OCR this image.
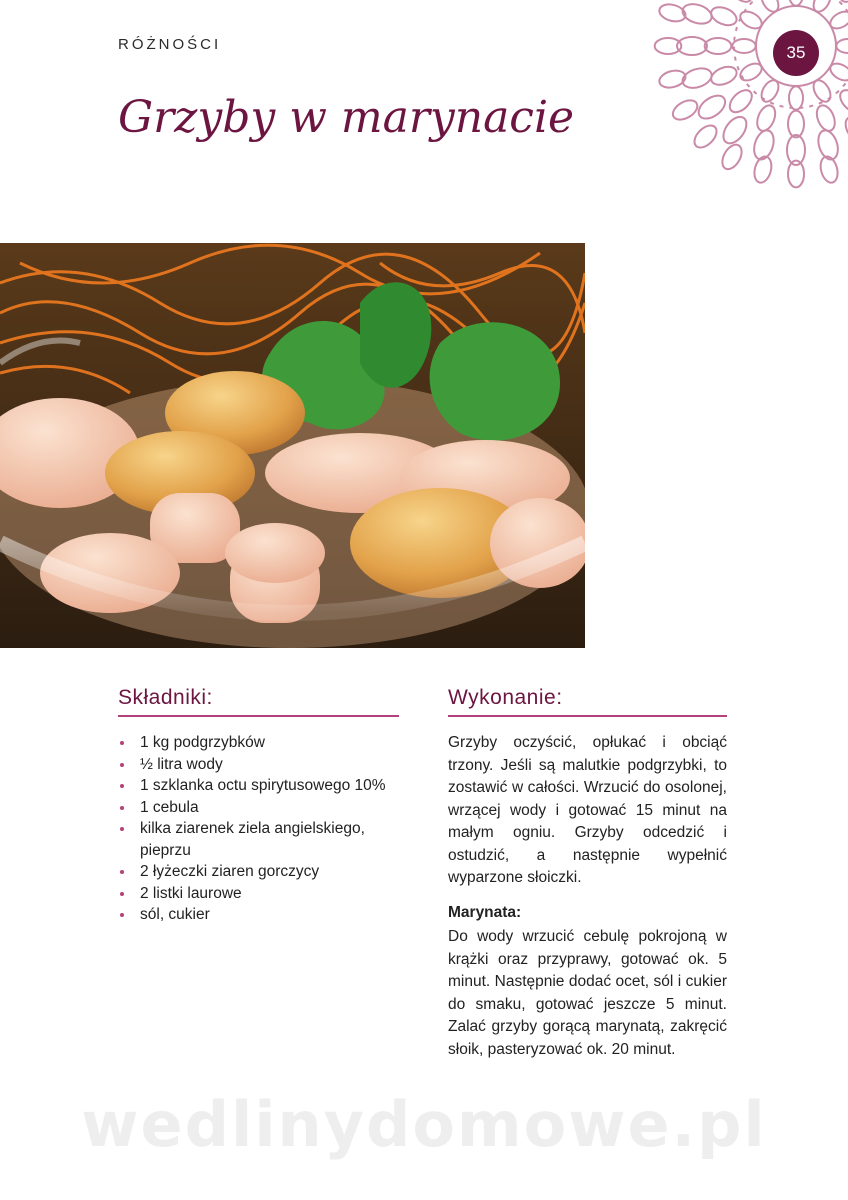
RÓŻNOŚCI
Grzyby w marynacie
35
Składniki:
1 kg podgrzybków
½ litra wody
1 szklanka octu spirytusowego 10%
1 cebula
kilka ziarenek ziela angielskiego, pieprzu
2 łyżeczki ziaren gorczycy
2 listki laurowe
sól, cukier
Wykonanie:

Grzyby oczyścić, opłukać i obciąć trzony. Jeśli są malutkie podgrzybki, to zostawić w całości. Wrzucić do osolonej, wrzącej wody i gotować 15 minut na małym ogniu. Grzyby odcedzić i ostudzić, a następnie wypełnić wyparzone słoiczki.

Marynata:

Do wody wrzucić cebulę pokrojoną w krążki oraz przyprawy, gotować ok. 5 minut. Następnie dodać ocet, sól i cukier do smaku, gotować jeszcze 5 minut. Zalać grzyby gorącą marynatą, zakręcić słoik, pasteryzować ok. 20 minut.

wedlinydomowe.pl
